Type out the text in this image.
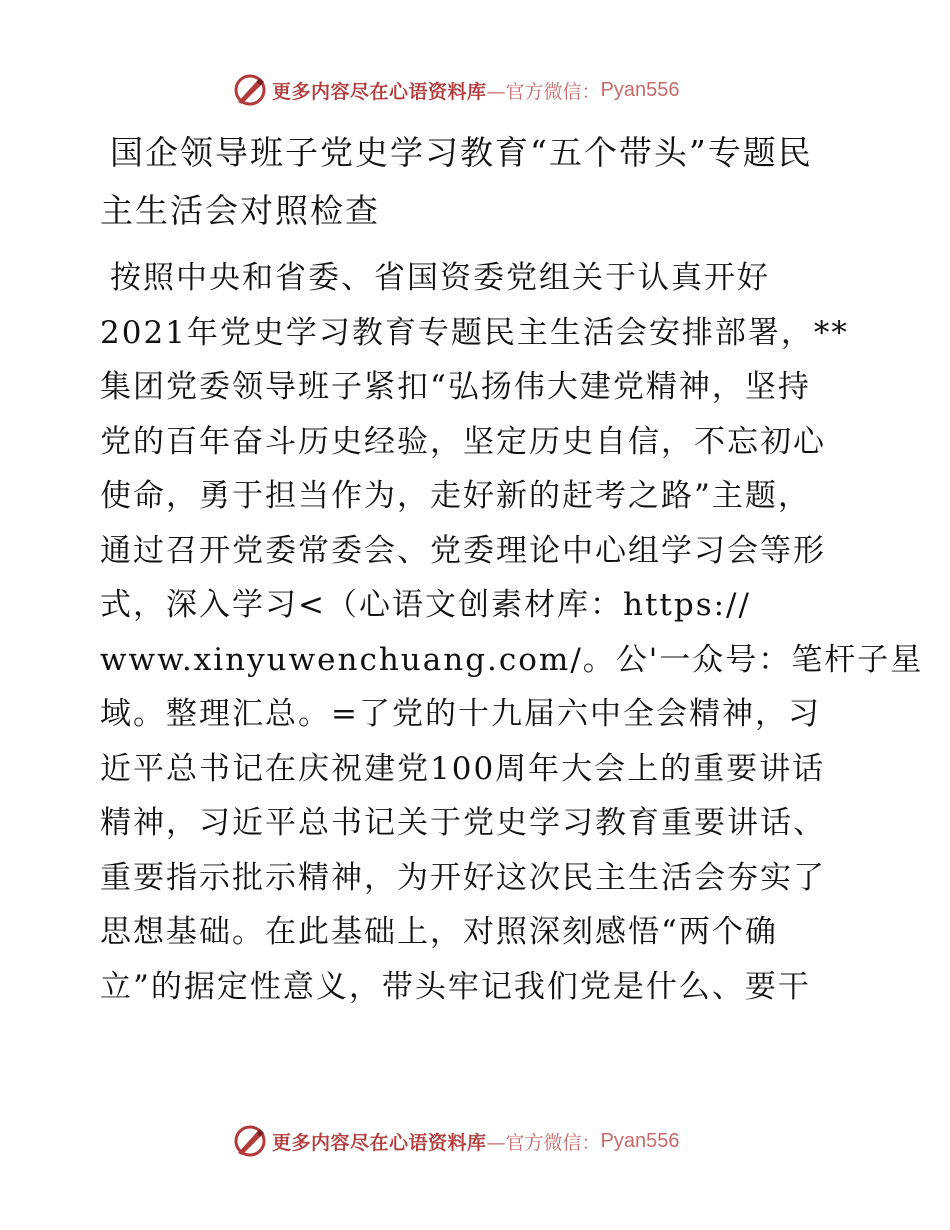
更多内容尽在心语资料库 —官方微信： Pyan556
国企领导班子党史学习教育“五个带头”专题民
主生活会对照检查
按照中央和省委、省国资委党组关于认真开好
2021年党史学习教育专题民主生活会安排部署，**
集团党委领导班子紧扣“弘扬伟大建党精神，坚持
党的百年奋斗历史经验，坚定历史自信，不忘初心
使命，勇于担当作为，走好新的赶考之路”主题，
通过召开党委常委会、党委理论中心组学习会等形
式，深入学习<（心语文创素材库：https://
www.xinyuwenchuang.com/。公'一众号：笔杆子星
域。整理汇总。=了党的十九届六中全会精神，习
近平总书记在庆祝建党100周年大会上的重要讲话
精神，习近平总书记关于党史学习教育重要讲话、
重要指示批示精神，为开好这次民主生活会夯实了
思想基础。在此基础上，对照深刻感悟“两个确
立”的据定性意义，带头牢记我们党是什么、要干
更多内容尽在心语资料库 —官方微信： Pyan556
